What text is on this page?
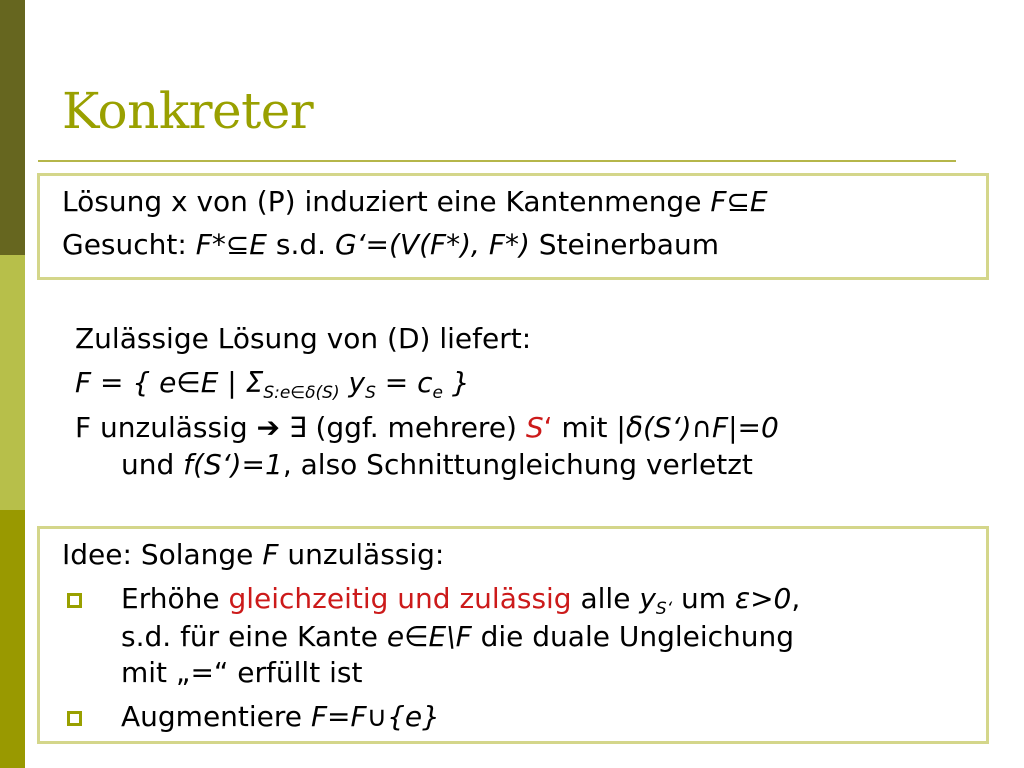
Konkreter
Lösung x von (P) induziert eine Kantenmenge F⊆E
Gesucht: F*⊆E s.d. G‘=(V(F*), F*) Steinerbaum
Zulässige Lösung von (D) liefert:
F = { e∈E | $\Sigma_{S:e\in\delta(S)}$ $y_S = c_e$ }
F unzulässig ➔ ∃ (ggf. mehrere) S‘ mit |δ(S‘)∩F|=0
und f(S‘)=1, also Schnittungleichung verletzt
Idee: Solange F unzulässig:
Erhöhe gleichzeitig und zulässig alle $y_{S‘}$ um ε>0,
s.d. für eine Kante e∈E\F die duale Ungleichung
mit „=“ erfüllt ist
Augmentiere F=F∪{e}
